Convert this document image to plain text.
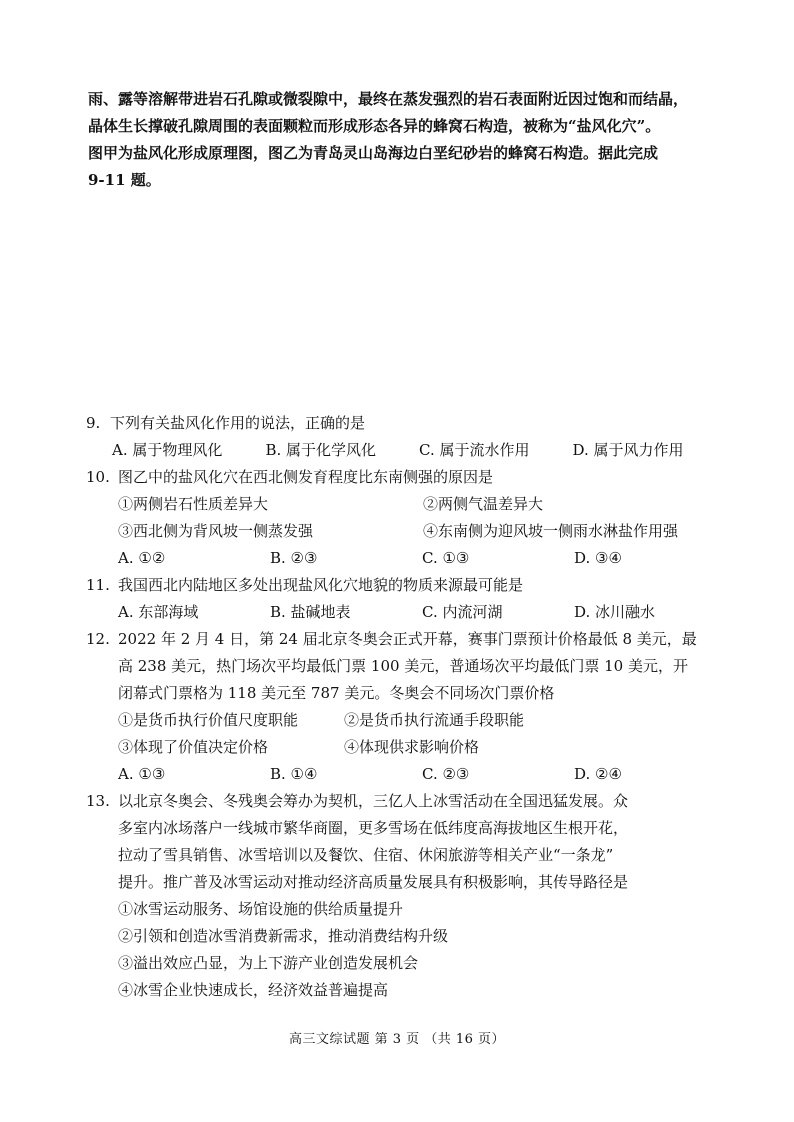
雨、露等溶解带进岩石孔隙或微裂隙中，最终在蒸发强烈的岩石表面附近因过饱和而结晶，

晶体生长撑破孔隙周围的表面颗粒而形成形态各异的蜂窝石构造，被称为“盐风化穴”。

图甲为盐风化形成原理图，图乙为青岛灵山岛海边白垩纪砂岩的蜂窝石构造。据此完成

9-11 题。

9. 下列有关盐风化作用的说法，正确的是
A. 属于物理风化	B. 属于化学风化	C. 属于流水作用	D. 属于风力作用
10. 图乙中的盐风化穴在西北侧发育程度比东南侧强的原因是
①两侧岩石性质差异大	②两侧气温差异大
③西北侧为背风坡一侧蒸发强	④东南侧为迎风坡一侧雨水淋盐作用强
A. ①②	B. ②③	C. ①③	D. ③④
11. 我国西北内陆地区多处出现盐风化穴地貌的物质来源最可能是
A. 东部海域	B. 盐碱地表	C. 内流河湖	D. 冰川融水
12. 2022 年 2 月 4 日，第 24 届北京冬奥会正式开幕，赛事门票预计价格最低 8 美元，最
高 238 美元，热门场次平均最低门票 100 美元，普通场次平均最低门票 10 美元，开
闭幕式门票格为 118 美元至 787 美元。冬奥会不同场次门票价格
①是货币执行价值尺度职能	②是货币执行流通手段职能
③体现了价值决定价格	④体现供求影响价格
A. ①③	B. ①④	C. ②③	D. ②④
13. 以北京冬奥会、冬残奥会筹办为契机，三亿人上冰雪活动在全国迅猛发展。众
多室内冰场落户一线城市繁华商圈，更多雪场在低纬度高海拔地区生根开花，
拉动了雪具销售、冰雪培训以及餐饮、住宿、休闲旅游等相关产业“一条龙”
提升。推广普及冰雪运动对推动经济高质量发展具有积极影响，其传导路径是
①冰雪运动服务、场馆设施的供给质量提升
②引领和创造冰雪消费新需求，推动消费结构升级
③溢出效应凸显，为上下游产业创造发展机会
④冰雪企业快速成长，经济效益普遍提高
高三文综试题 第 3 页 （共 16 页）
